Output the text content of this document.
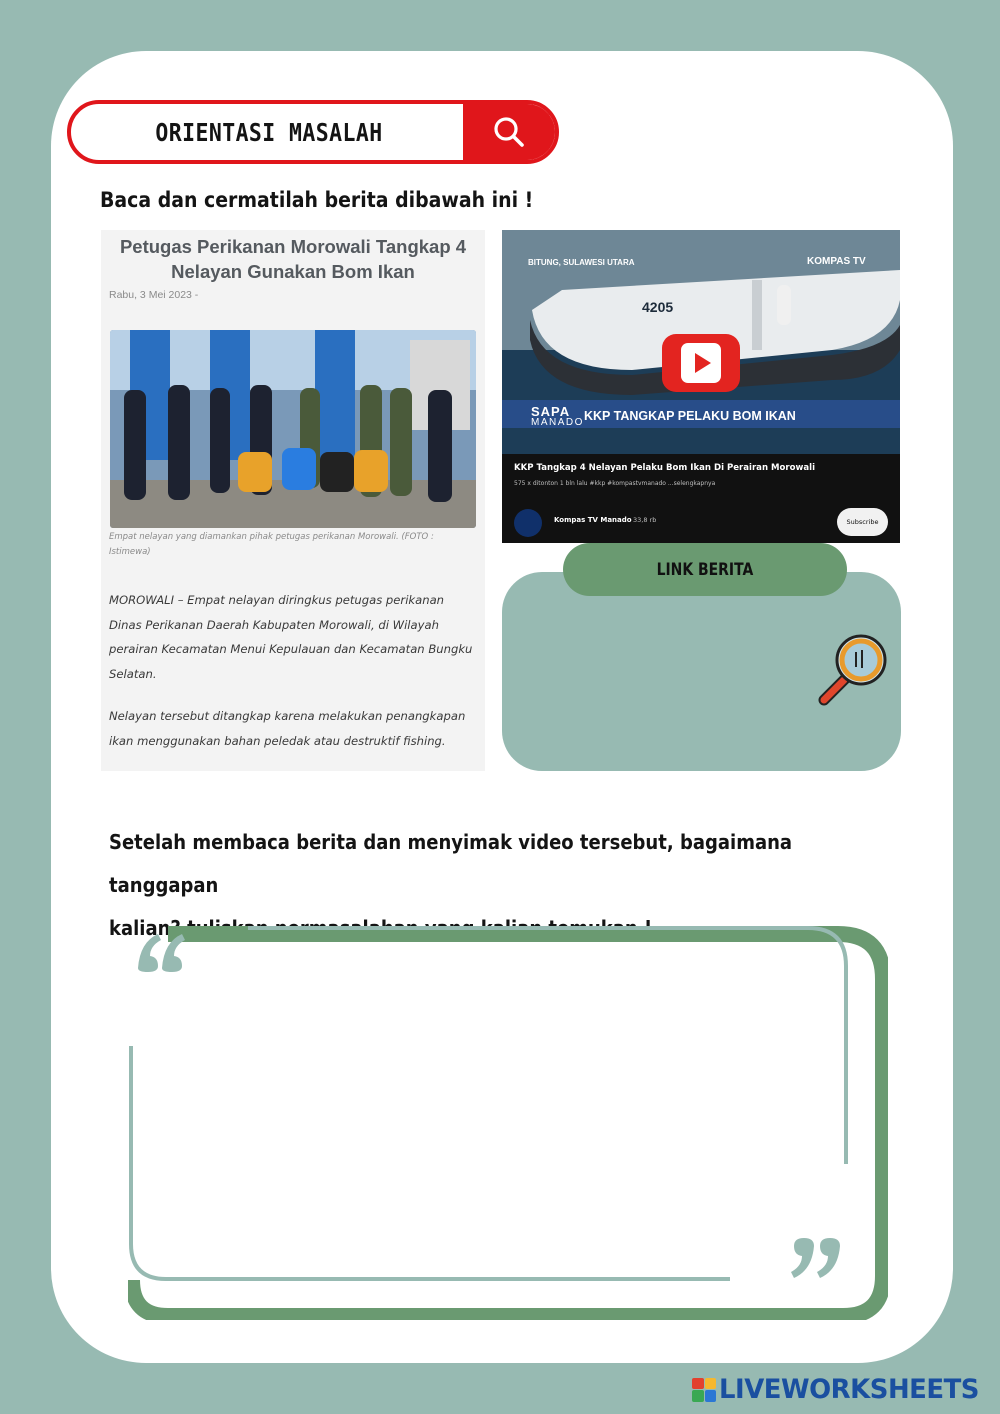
ORIENTASI MASALAH
Baca dan cermatilah berita dibawah ini !
Petugas Perikanan Morowali Tangkap 4 Nelayan Gunakan Bom Ikan
Rabu, 3 Mei 2023 -
Empat nelayan yang diamankan pihak petugas perikanan Morowali. (FOTO : Istimewa)
MOROWALI – Empat nelayan diringkus petugas perikanan Dinas Perikanan Daerah Kabupaten Morowali, di Wilayah perairan Kecamatan Menui Kepulauan dan Kecamatan Bungku Selatan.
Nelayan tersebut ditangkap karena melakukan penangkapan ikan menggunakan bahan peledak atau destruktif fishing.
4205
KOMPAS TV
BITUNG, SULAWESI UTARA
SAPA
MANADO KKP TANGKAP PELAKU BOM IKAN
KKP Tangkap 4 Nelayan Pelaku Bom Ikan Di Perairan Morowali
575 x ditonton 1 bln lalu #kkp #kompastvmanado ...selengkapnya
Kompas TV Manado 33,8 rb	Subscribe
LINK BERITA
Setelah membaca berita dan menyimak video tersebut, bagaimana tanggapan
kalian? tuliskan permasalahan yang kalian temukan !
LIVEWORKSHEETS
